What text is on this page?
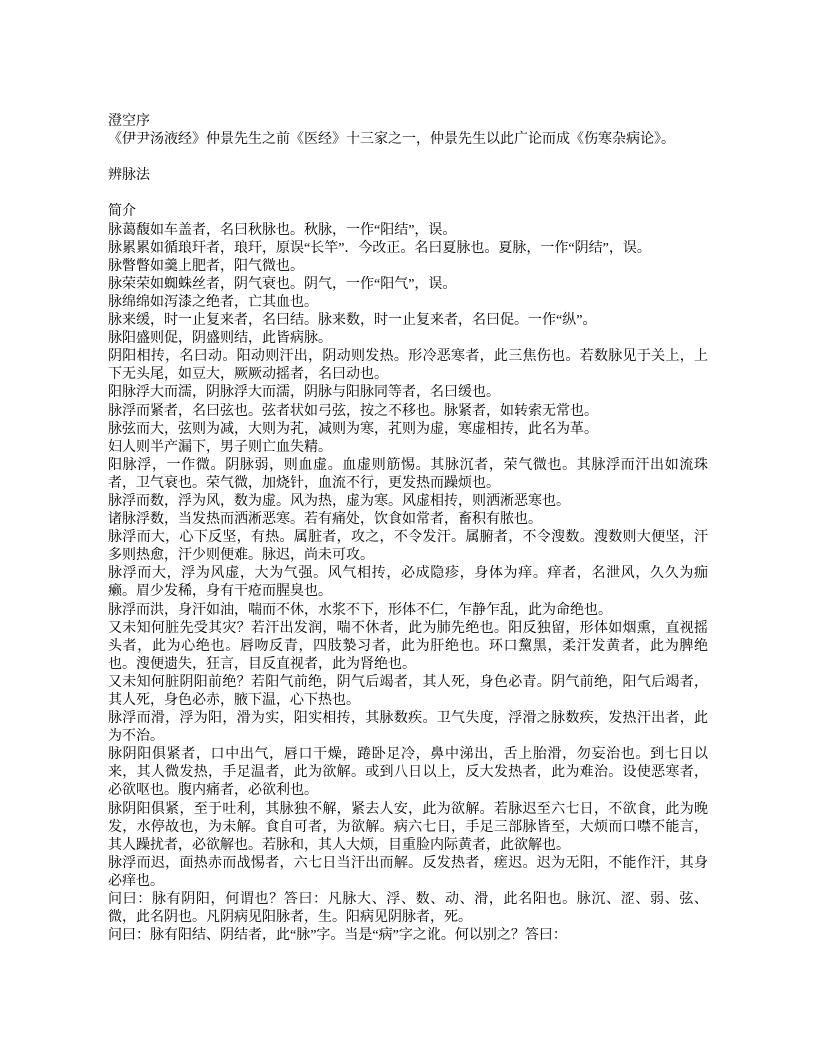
澄空序

《伊尹汤液经》仲景先生之前《医经》十三家之一，仲景先生以此广论而成《伤寒杂病论》。

辨脉法

简介

脉蔼馥如车盖者，名曰秋脉也。秋脉，一作“阳结”，误。

脉累累如循琅玕者，琅玕，原误“长竿”．今改正。名曰夏脉也。夏脉，一作“阴结”，误。

脉瞥瞥如羹上肥者，阳气微也。

脉荣荣如蜘蛛丝者，阴气衰也。阴气，一作“阳气”，误。

脉绵绵如泻漆之绝者，亡其血也。

脉来缓，时一止复来者，名曰结。脉来数，时一止复来者，名曰促。一作“纵”。

脉阳盛则促，阴盛则结，此皆病脉。

阴阳相抟，名曰动。阳动则汗出，阴动则发热。形冷恶寒者，此三焦伤也。若数脉见于关上，上下无头尾，如豆大，厥厥动摇者，名曰动也。

阳脉浮大而濡，阴脉浮大而濡，阴脉与阳脉同等者，名曰缓也。

脉浮而紧者，名曰弦也。弦者状如弓弦，按之不移也。脉紧者，如转索无常也。

脉弦而大，弦则为减，大则为芤，减则为寒，芤则为虚，寒虚相抟，此名为革。

妇人则半产漏下，男子则亡血失精。

阳脉浮，一作微。阴脉弱，则血虚。血虚则筋惕。其脉沉者，荣气微也。其脉浮而汗出如流珠者，卫气衰也。荣气微，加烧针，血流不行，更发热而躁烦也。

脉浮而数，浮为风，数为虚。风为热，虚为寒。风虚相抟，则洒淅恶寒也。

诸脉浮数，当发热而洒淅恶寒。若有痛处，饮食如常者，畜积有脓也。

脉浮而大，心下反坚，有热。属脏者，攻之，不令发汗。属腑者，不令溲数。溲数则大便坚，汗多则热愈，汗少则便难。脉迟，尚未可攻。

脉浮而大，浮为风虚，大为气强。风气相抟，必成隐疹，身体为痒。痒者，名泄风，久久为痂癞。眉少发稀，身有干疮而腥臭也。

脉浮而洪，身汗如油，喘而不休，水浆不下，形体不仁，乍静乍乱，此为命绝也。

又未知何脏先受其灾？若汗出发润，喘不休者，此为肺先绝也。阳反独留，形体如烟熏，直视摇头者，此为心绝也。唇吻反青，四肢漐习者，此为肝绝也。环口黧黑，柔汗发黄者，此为脾绝也。溲便遗失，狂言，目反直视者，此为肾绝也。

又未知何脏阴阳前绝？若阳气前绝，阴气后竭者，其人死，身色必青。阴气前绝，阳气后竭者，其人死，身色必赤，腋下温，心下热也。

脉浮而滑，浮为阳，滑为实，阳实相抟，其脉数疾。卫气失度，浮滑之脉数疾，发热汗出者，此为不治。

脉阴阳俱紧者，口中出气，唇口干燥，踡卧足冷，鼻中涕出，舌上胎滑，勿妄治也。到七日以来，其人微发热，手足温者，此为欲解。或到八日以上，反大发热者，此为难治。设使恶寒者，必欲呕也。腹内痛者，必欲利也。

脉阴阳俱紧，至于吐利，其脉独不解，紧去人安，此为欲解。若脉迟至六七日，不欲食，此为晚发，水停故也，为未解。食自可者，为欲解。病六七日，手足三部脉皆至，大烦而口噤不能言，其人躁扰者，必欲解也。若脉和，其人大烦，目重脸内际黄者，此欲解也。

脉浮而迟，面热赤而战惕者，六七日当汗出而解。反发热者，瘥迟。迟为无阳，不能作汗，其身必痒也。

问曰：脉有阴阳，何谓也？答曰：凡脉大、浮、数、动、滑，此名阳也。脉沉、涩、弱、弦、微，此名阴也。凡阴病见阳脉者，生。阳病见阴脉者，死。

问曰：脉有阳结、阴结者，此“脉”字。当是“病”字之讹。何以别之？答曰：
